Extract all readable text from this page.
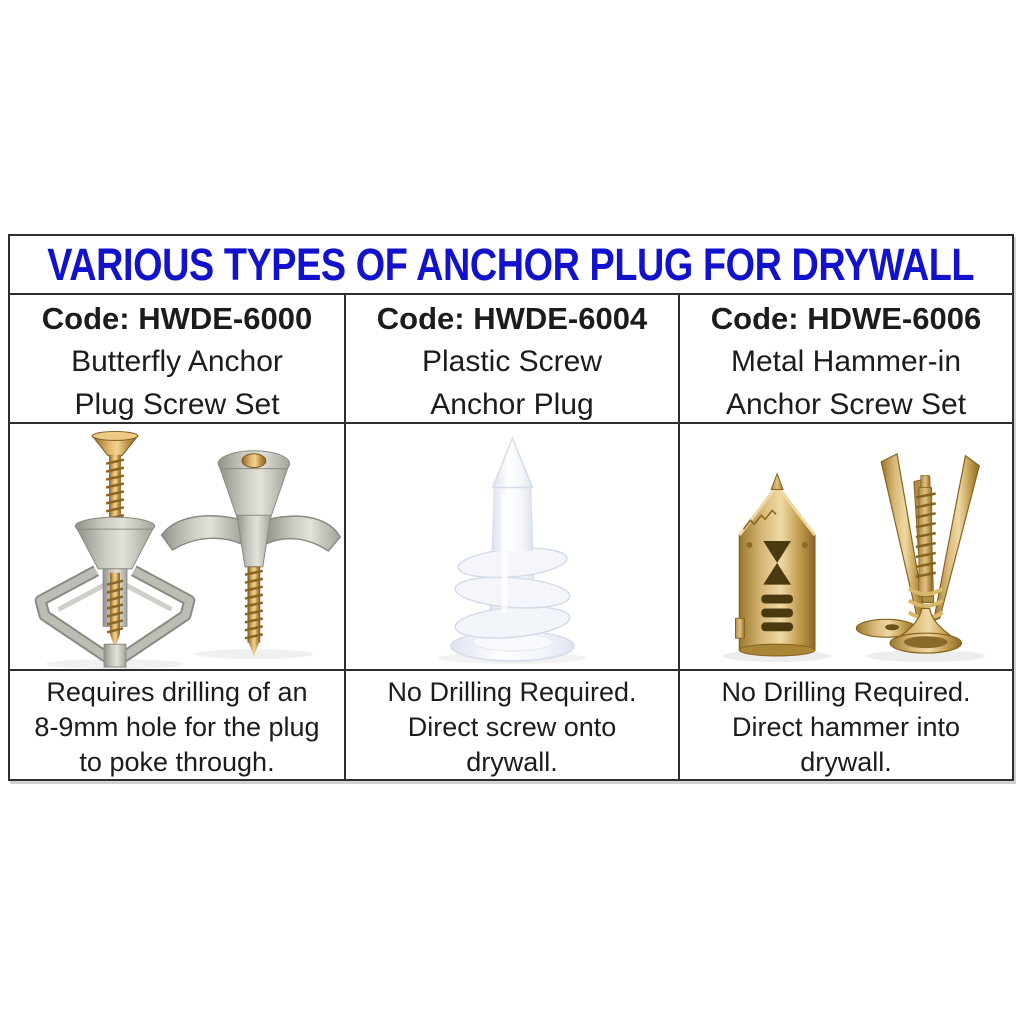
VARIOUS TYPES OF ANCHOR PLUG FOR DRYWALL
Code: HWDE-6000
Butterfly Anchor
Plug Screw Set
Code: HWDE-6004
Plastic Screw
Anchor Plug
Code: HDWE-6006
Metal Hammer-in
Anchor Screw Set
Requires drilling of an
8-9mm hole for the plug
to poke through.
No Drilling Required.
Direct screw onto
drywall.
No Drilling Required.
Direct hammer into
drywall.
